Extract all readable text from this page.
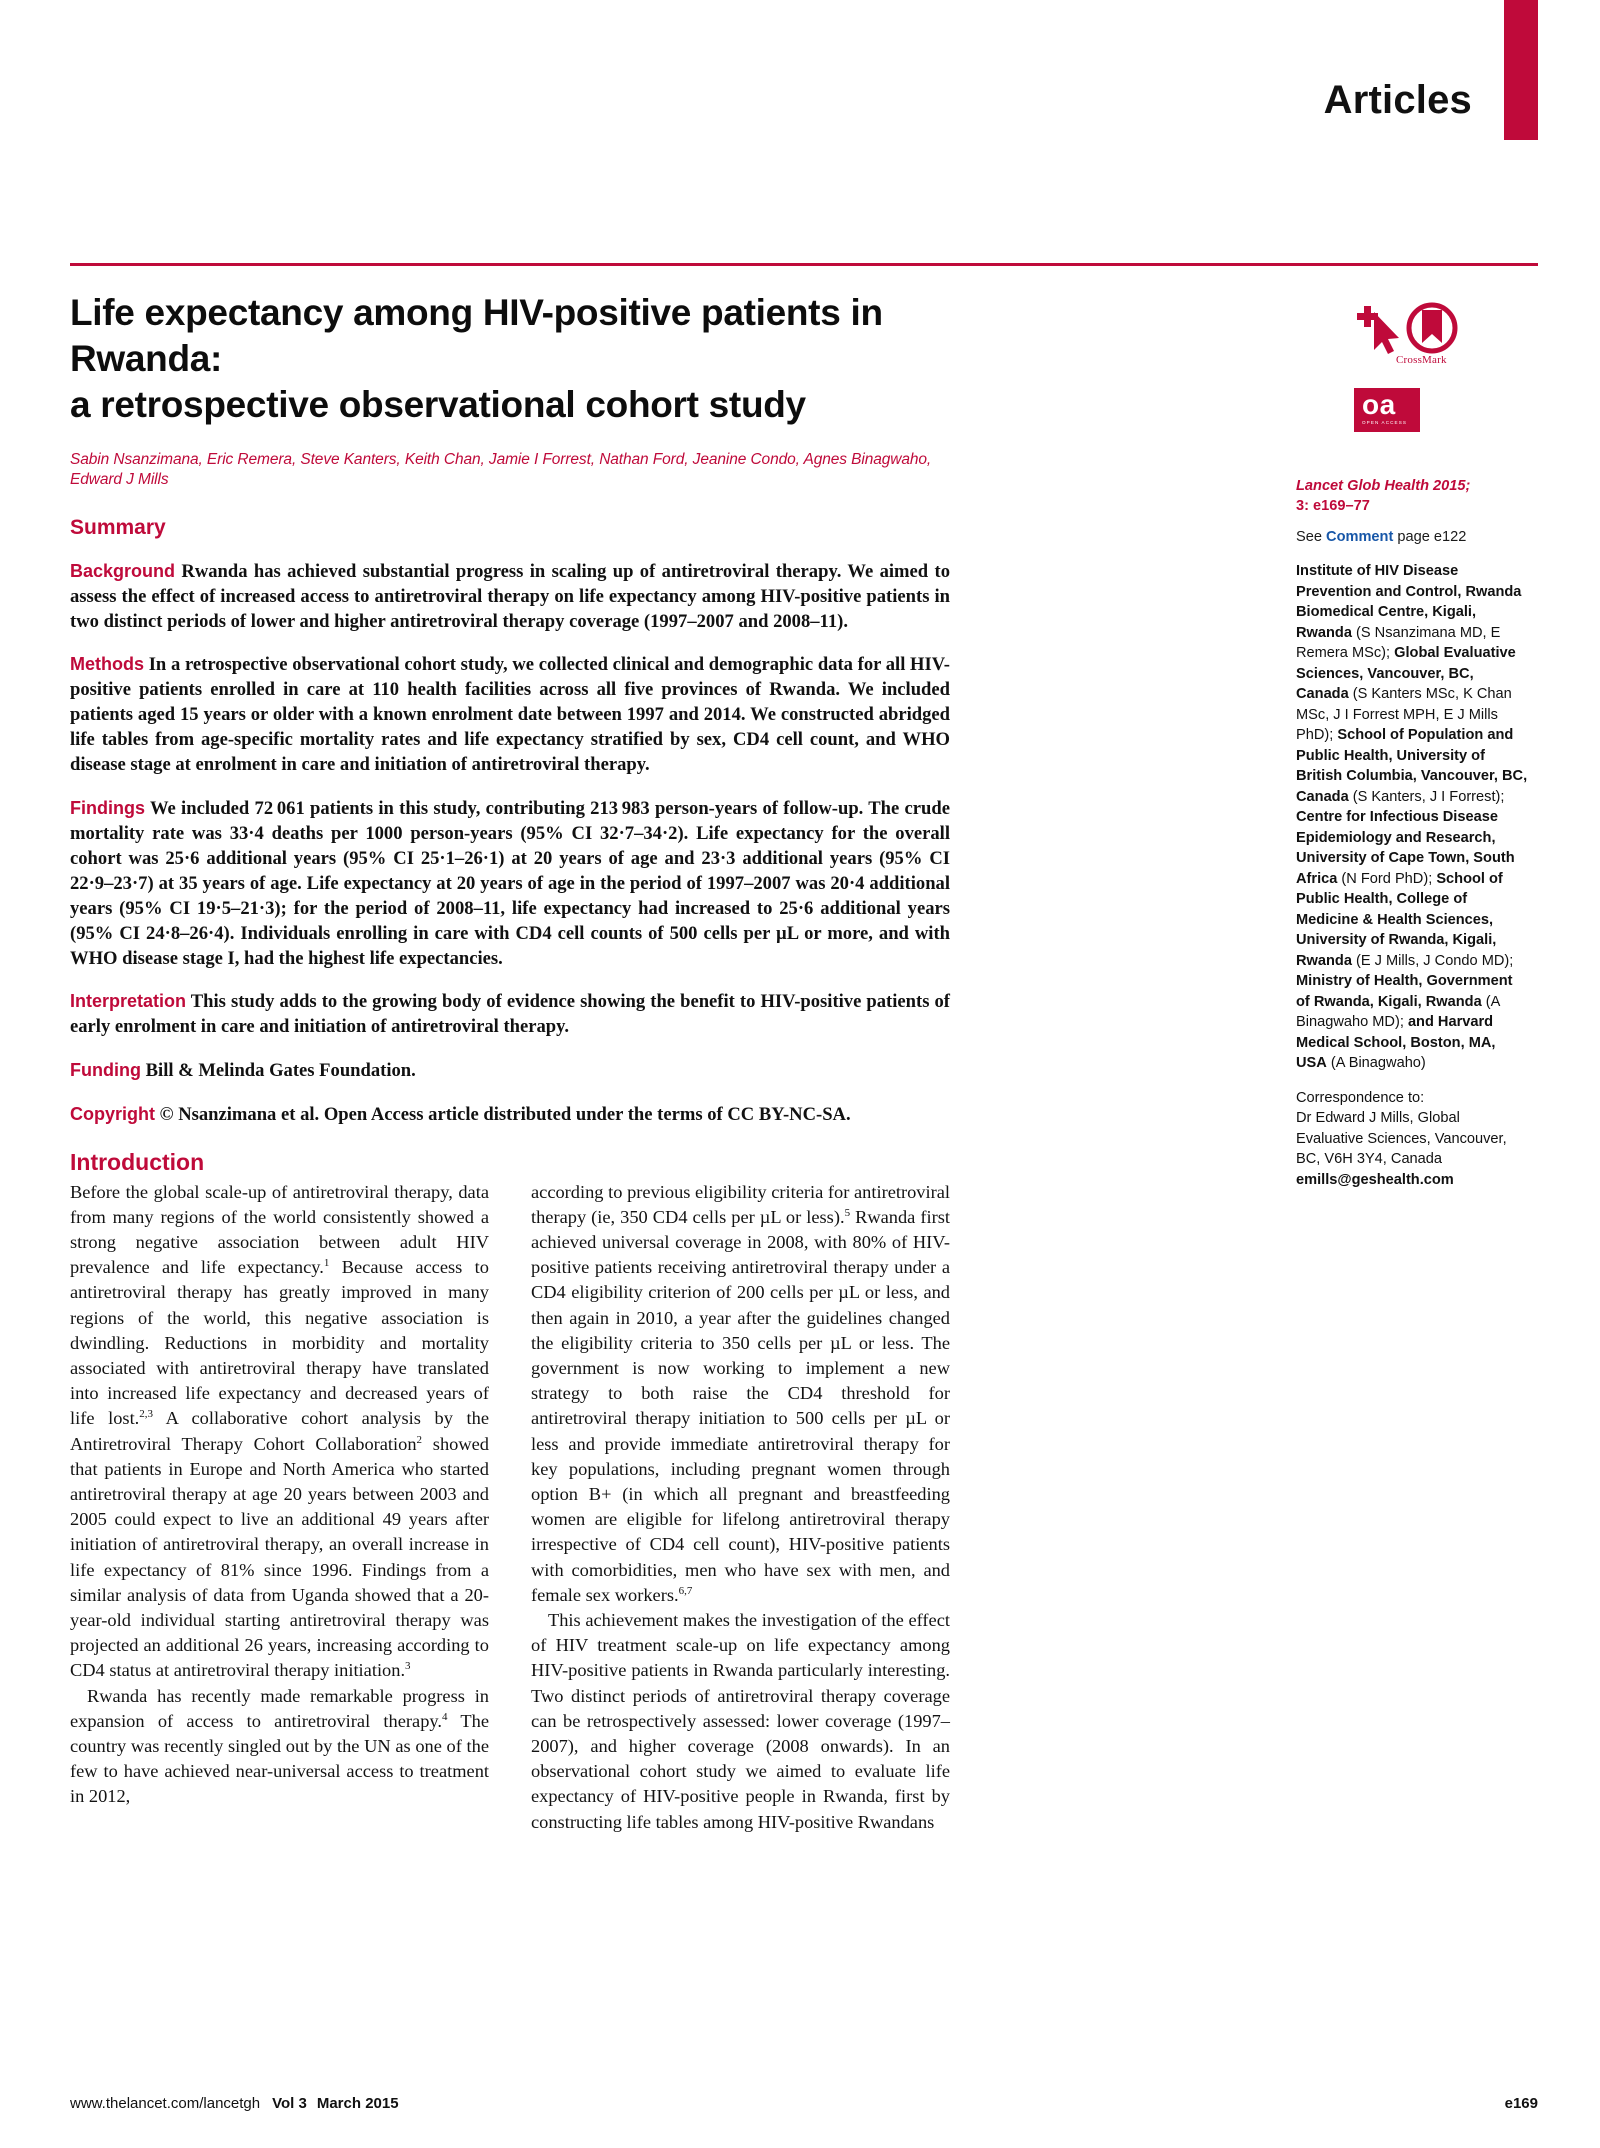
Articles
Life expectancy among HIV-positive patients in Rwanda:
a retrospective observational cohort study
Sabin Nsanzimana, Eric Remera, Steve Kanters, Keith Chan, Jamie I Forrest, Nathan Ford, Jeanine Condo, Agnes Binagwaho, Edward J Mills
Summary

Background Rwanda has achieved substantial progress in scaling up of antiretroviral therapy. We aimed to assess the effect of increased access to antiretroviral therapy on life expectancy among HIV-positive patients in two distinct periods of lower and higher antiretroviral therapy coverage (1997–2007 and 2008–11).

Methods In a retrospective observational cohort study, we collected clinical and demographic data for all HIV-positive patients enrolled in care at 110 health facilities across all five provinces of Rwanda. We included patients aged 15 years or older with a known enrolment date between 1997 and 2014. We constructed abridged life tables from age-specific mortality rates and life expectancy stratified by sex, CD4 cell count, and WHO disease stage at enrolment in care and initiation of antiretroviral therapy.

Findings We included 72 061 patients in this study, contributing 213 983 person-years of follow-up. The crude mortality rate was 33·4 deaths per 1000 person-years (95% CI 32·7–34·2). Life expectancy for the overall cohort was 25·6 additional years (95% CI 25·1–26·1) at 20 years of age and 23·3 additional years (95% CI 22·9–23·7) at 35 years of age. Life expectancy at 20 years of age in the period of 1997–2007 was 20·4 additional years (95% CI 19·5–21·3); for the period of 2008–11, life expectancy had increased to 25·6 additional years (95% CI 24·8–26·4). Individuals enrolling in care with CD4 cell counts of 500 cells per µL or more, and with WHO disease stage I, had the highest life expectancies.

Interpretation This study adds to the growing body of evidence showing the benefit to HIV-positive patients of early enrolment in care and initiation of antiretroviral therapy.

Funding Bill & Melinda Gates Foundation.

Copyright © Nsanzimana et al. Open Access article distributed under the terms of CC BY-NC-SA.

Introduction

Before the global scale-up of antiretroviral therapy, data from many regions of the world consistently showed a strong negative association between adult HIV prevalence and life expectancy.$^1$ Because access to antiretroviral therapy has greatly improved in many regions of the world, this negative association is dwindling. Reductions in morbidity and mortality associated with antiretroviral therapy have translated into increased life expectancy and decreased years of life lost.$^{2,3}$ A collaborative cohort analysis by the Antiretroviral Therapy Cohort Collaboration$^2$ showed that patients in Europe and North America who started antiretroviral therapy at age 20 years between 2003 and 2005 could expect to live an additional 49 years after initiation of antiretroviral therapy, an overall increase in life expectancy of 81% since 1996. Findings from a similar analysis of data from Uganda showed that a 20-year-old individual starting antiretroviral therapy was projected an additional 26 years, increasing according to CD4 status at antiretroviral therapy initiation.$^3$

Rwanda has recently made remarkable progress in expansion of access to antiretroviral therapy.$^4$ The country was recently singled out by the UN as one of the few to have achieved near-universal access to treatment in 2012,

according to previous eligibility criteria for antiretroviral therapy (ie, 350 CD4 cells per µL or less).$^5$ Rwanda first achieved universal coverage in 2008, with 80% of HIV-positive patients receiving antiretroviral therapy under a CD4 eligibility criterion of 200 cells per µL or less, and then again in 2010, a year after the guidelines changed the eligibility criteria to 350 cells per µL or less. The government is now working to implement a new strategy to both raise the CD4 threshold for antiretroviral therapy initiation to 500 cells per µL or less and provide immediate antiretroviral therapy for key populations, including pregnant women through option B+ (in which all pregnant and breastfeeding women are eligible for lifelong antiretroviral therapy irrespective of CD4 cell count), HIV-positive patients with comorbidities, men who have sex with men, and female sex workers.$^{6,7}$

This achievement makes the investigation of the effect of HIV treatment scale-up on life expectancy among HIV-positive patients in Rwanda particularly interesting. Two distinct periods of antiretroviral therapy coverage can be retrospectively assessed: lower coverage (1997–2007), and higher coverage (2008 onwards). In an observational cohort study we aimed to evaluate life expectancy of HIV-positive people in Rwanda, first by constructing life tables among HIV-positive Rwandans

CrossMark
oa
OPEN ACCESS
Lancet Glob Health 2015;
3: e169–77
See Comment page e122
Institute of HIV Disease Prevention and Control, Rwanda Biomedical Centre, Kigali, Rwanda (S Nsanzimana MD, E Remera MSc); Global Evaluative Sciences, Vancouver, BC, Canada (S Kanters MSc, K Chan MSc, J I Forrest MPH, E J Mills PhD); School of Population and Public Health, University of British Columbia, Vancouver, BC, Canada (S Kanters, J I Forrest); Centre for Infectious Disease Epidemiology and Research, University of Cape Town, South Africa (N Ford PhD); School of Public Health, College of Medicine & Health Sciences, University of Rwanda, Kigali, Rwanda (E J Mills, J Condo MD); Ministry of Health, Government of Rwanda, Kigali, Rwanda (A Binagwaho MD); and Harvard Medical School, Boston, MA, USA (A Binagwaho)
Correspondence to:
Dr Edward J Mills, Global Evaluative Sciences, Vancouver, BC, V6H 3Y4, Canada
emills@geshealth.com
www.thelancet.com/lancetgh Vol 3 March 2015	e169
